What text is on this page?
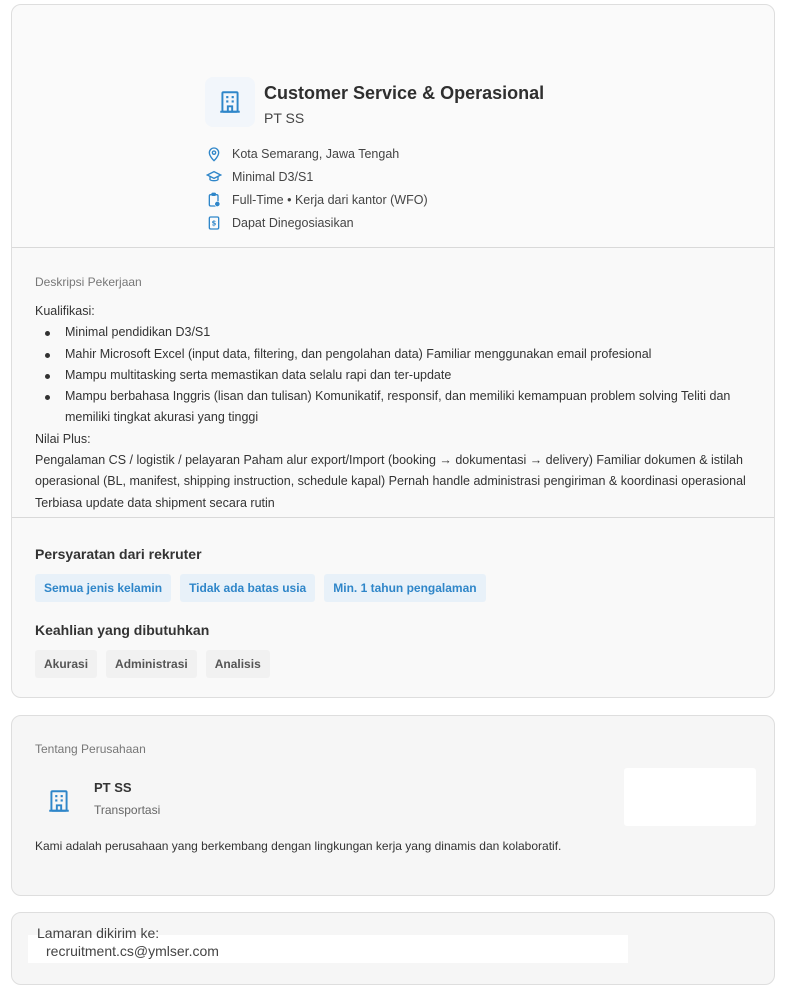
Customer Service & Operasional
PT SS
Kota Semarang, Jawa Tengah
Minimal D3/S1
Full-Time • Kerja dari kantor (WFO)
$ Dapat Dinegosiasikan
Deskripsi Pekerjaan
Kualifikasi:
Minimal pendidikan D3/S1
Mahir Microsoft Excel (input data, filtering, dan pengolahan data) Familiar menggunakan email profesional
Mampu multitasking serta memastikan data selalu rapi dan ter-update
Mampu berbahasa Inggris (lisan dan tulisan) Komunikatif, responsif, dan memiliki kemampuan problem solving Teliti dan memiliki tingkat akurasi yang tinggi
Nilai Plus:
Pengalaman CS / logistik / pelayaran Paham alur export/Import (booking → dokumentasi → delivery) Familiar dokumen & istilah operasional (BL, manifest, shipping instruction, schedule kapal) Pernah handle administrasi pengiriman & koordinasi operasional Terbiasa update data shipment secara rutin
Persyaratan dari rekruter
Semua jenis kelamin	Tidak ada batas usia	Min. 1 tahun pengalaman
Keahlian yang dibutuhkan
Akurasi	Administrasi	Analisis
Tentang Perusahaan
PT SS
Transportasi
Kami adalah perusahaan yang berkembang dengan lingkungan kerja yang dinamis dan kolaboratif.
Lamaran dikirim ke:
recruitment.cs@ymlser.com
